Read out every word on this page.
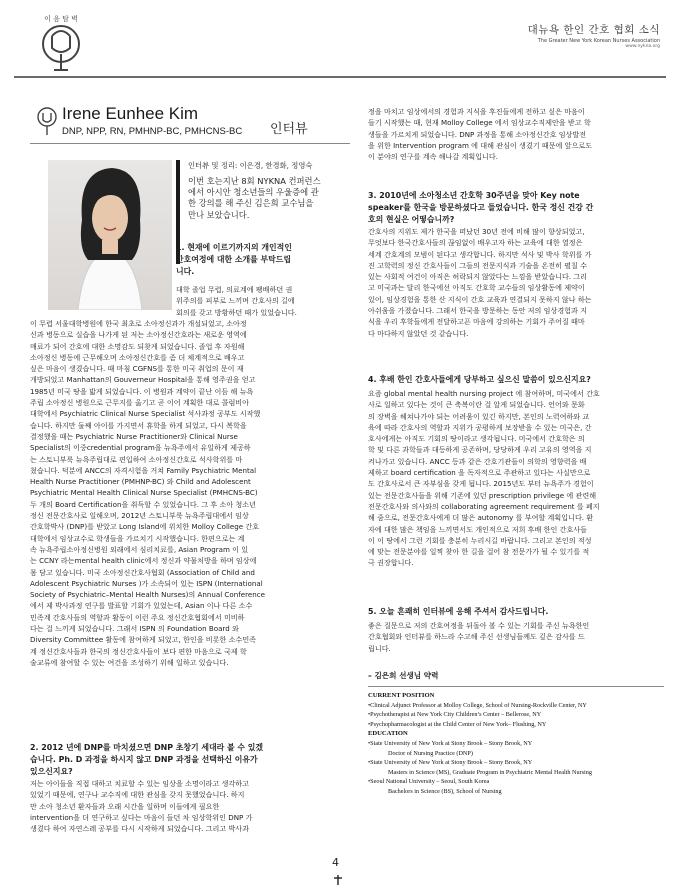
이 음 탐 벽
대뉴욕 한인 간호 협회 소식
The Greater New York Korean Nurses Association
www.nykna.org
Irene Eunhee Kim
DNP, NPP, RN, PMHNP-BC, PMHCNS-BC 인터뷰
인터뷰 및 정리: 이은경, 한경화, 정영숙
이번 호는지난 8회 NYKNA 컨퍼런스
에서 아시안 청소년들의 우울증에 관
한 강의를 해 주신 김은희 교수님을
만나 보았습니다.
1. 현재에 이르기까지의 개인적인
간호여정에 대한 소개를 부탁드립
니다.
대학 졸업 무렵, 의료계에 팽배하던 권
위주의를 피부로 느끼며 간호사의 길에
회의를 갖고 방황하던 때가 있었습니다.
이 무렵 서울대학병원에 한국 최초로 소아정신과가 개설되었고, 소아정
신과 병동으로 실습을 나가게 된 저는 소아정신간호라는 새로운 영역에
매료가 되어 간호에 대한 소명감도 되찾게 되었습니다. 졸업 후 자원해
소아정신 병동에 근무해오며 소아정신간호를 좀 더 체계적으로 배우고
싶은 마음이 생겼습니다. 때 마침 CGFNS를 통한 미국 취업의 문이 재
개방되었고 Manhattan의 Gouverneur Hospital을 통해 영주권을 얻고
1985년 미국 땅을 밟게 되었습니다. 이 병원과 계약이 끝난 이듬 해 뉴욕
주립 소아정신 병원으로 근무지를 옮기고 곧 이어 계획한 대로 콜럼비아
대학에서 Psychiatric Clinical Nurse Specialist 석사과정 공부도 시작했
습니다. 하지만 둘째 아이를 가지면서 휴학을 하게 되었고, 다시 복학을
결정했을 때는 Psychiatric Nurse Practitioner와 Clinical Nurse
Specialist의 이중credential program을 뉴욕주에서 유일하게 제공하
는 스토니부룩 뉴욕주립대로 편입하여 소아정신간호로 석사학위를 마
쳤습니다. 덕분에 ANCC의 자격시험을 거쳐 Family Psychiatric Mental
Health Nurse Practitioner (PMHNP-BC) 와 Child and Adolescent
Psychiatric Mental Health Clinical Nurse Specialist (PMHCNS-BC)
두 개의 Board Certification을 취득할 수 있었습니다. 그 후 소아 청소년
정신 전문간호사로 일해오며, 2012년 스토니부룩 뉴욕주립대에서 임상
간호학박사 (DNP)를 받았고 Long Island에 위치한 Molloy College 간호
대학에서 임상교수로 학생들을 가르치기 시작했습니다. 한편으로는 계
속 뉴욕주립소아정신병원 외래에서 심리치료를, Asian Program 이 있
는 CCNY 라는mental health clinic에서 정신과 약물처방을 하며 임상에
몸 담고 있습니다. 미국 소아정신간호사협회 (Association of Child and
Adolescent Psychiatric Nurses )가 소속되어 있는 ISPN (International
Society of Psychiatric–Mental Health Nurses)의 Annual Conference
에서 제 박사과정 연구를 발표할 기회가 있었는데, Asian 이나 다른 소수
민족계 간호사들의 역할과 활동이 이런 주요 정신간호협회에서 미비하
다는 걸 느끼게 되었습니다. 그래서 ISPN 의 Foundation Board 와
Diversity Committee 활동에 참여하게 되었고, 한인을 비롯한 소수민족
계 정신간호사들과 한국의 정신간호사들이 보다 편한 마음으로 국제 학
술교류에 참여할 수 있는 여건을 조성하기 위해 일하고 있습니다.
2. 2012 년에 DNP를 마치셨으면 DNP 초창기 세대라 볼 수 있겠
습니다. Ph. D 과정을 하시지 않고 DNP 과정을 선택하신 이유가
있으신지요?
저는 아이들을 직접 대하고 치료할 수 있는 임상을 소명이라고 생각하고
있었기 때문에, 연구나 교수직에 대한 관심을 갖지 못했었습니다. 하지
만 소아 청소년 환자들과 오래 시간을 일하며 이들에게 필요한
intervention을 더 연구하고 싶다는 마음이 들던 차 임상학위인 DNP 가
생겼다 하여 자연스레 공부를 다시 시작하게 되었습니다. 그리고 박사과
정을 마치고 임상에서의 경험과 지식을 후진들에게 전하고 싶은 마음이
들기 시작했는 때, 현재 Molloy College 에서 임상교수직제안을 받고 학
생들을 가르치게 되었습니다. DNP 과정을 통해 소아정신간호 임상발전
을 위한 Intervention program 에 대해 관심이 생겼기 때문에 앞으로도
이 분야의 연구를 계속 해나갈 계획입니다.
3. 2010년에 소아청소년 간호학 30주년을 맞아 Key note
speaker를 한국을 방문하셨다고 들었습니다. 한국 정신 건강 간
호의 현실은 어떻습니까?
간호사의 지위도 제가 한국을 떠났던 30년 전에 비해 많이 향상되었고,
무엇보다 한국간호사들의 끊임없이 배우고자 하는 교육에 대한 열정은
세계 간호계의 모범이 된다고 생각합니다. 하지만 석사 및 박사 학위를 가
진 고학력의 정신 간호사들이 그들의 전문지식과 기술을 온전히 펼칠 수
있는 사회적 여건이 아직은 허락되지 않았다는 느낌을 받았습니다. 그리
고 미국과는 달리 한국에선 아직도 간호학 교수들의 임상활동에 제약이
있어, 임상경험을 통한 산 지식이 간호 교육과 연결되지 못하지 않나 하는
아쉬움을 가졌습니다. 그래서 한국을 방문하는 동안 저의 임상경험과 지
식을 우리 후학들에게 전달하고픈 마음에 강의하는 기회가 주어질 때마
다 마다하지 않았던 것 같습니다.
4. 후배 한인 간호사들에게 당부하고 싶으신 말씀이 있으신지요?
요즘 global mental health nursing project 에 참여하며, 미국에서 간호
사로 일하고 있다는 것이 큰 축복이란 걸 알게 되었습니다. 언어와 문화
의 장벽을 헤쳐나가야 되는 어려움이 있긴 하지만, 본인의 노력여하와 교
육에 따라 간호사의 역할과 지위가 공평하게 보장받을 수 있는 미국은, 간
호사에게는 아직도 기회의 땅이라고 생각됩니다. 미국에서 간호학은 의
학 및 다른 과학들과 대등하게 공존하며, 당당하게 우리 고유의 영역을 지
켜나가고 있습니다. ANCC 등과 같은 간호기관들이 의학의 영향력을 배
제하고 board certification 을 독자적으로 주관하고 있다는 사실만으로
도 간호사로서 큰 자부심을 갖게 됩니다. 2015년도 부터 뉴욕주가 경험이
있는 전문간호사들을 위해 기존에 있던 prescription privilege 에 관련해
전문간호사와 의사와의 collaborating agreement requirement 를 폐지
해 줌으로, 전문간호사에게 더 많은 autonomy 를 부여할 계획입니다. 환
자에 대한 많은 책임을 느끼면서도 개인적으로 저희 후배 한인 간호사들
이 이 땅에서 그런 기회를 충분히 누리시길 바랍니다. 그리고 본인의 적성
에 맞는 전문분야를 일찍 찾아 한 길을 걸어 참 전문가가 될 수 있기를 적
극 권장합니다.
5. 오늘 흔쾌히 인터뷰에 응해 주셔서 감사드립니다.
좋은 질문으로 저의 간호여정을 뒤돌아 볼 수 있는 기회를 주신 뉴욕한인
간호협회와 인터뷰를 하느라 수고해 주신 선생님들께도 깊은 감사를 드
립니다.
– 김은희 선생님 약력
CURRENT POSITION
•Clinical Adjunct Professor at Molloy College, School of Nursing-Rockville Center, NY
•Psychotherapist at New York City Children’s Center – Bellerose, NY
•Psychopharmacologist at the Child Center of New York– Flushing, NY
EDUCATION
•State University of New York at Stony Brook – Stony Brook, NY
Doctor of Nursing Practice (DNP)
•State University of New York at Stony Brook – Stony Brook, NY
Masters in Science (MS), Graduate Program in Psychiatric Mental Health Nursing
•Seoul National University – Seoul, South Korea
Bachelors in Science (BS), School of Nursing
4
